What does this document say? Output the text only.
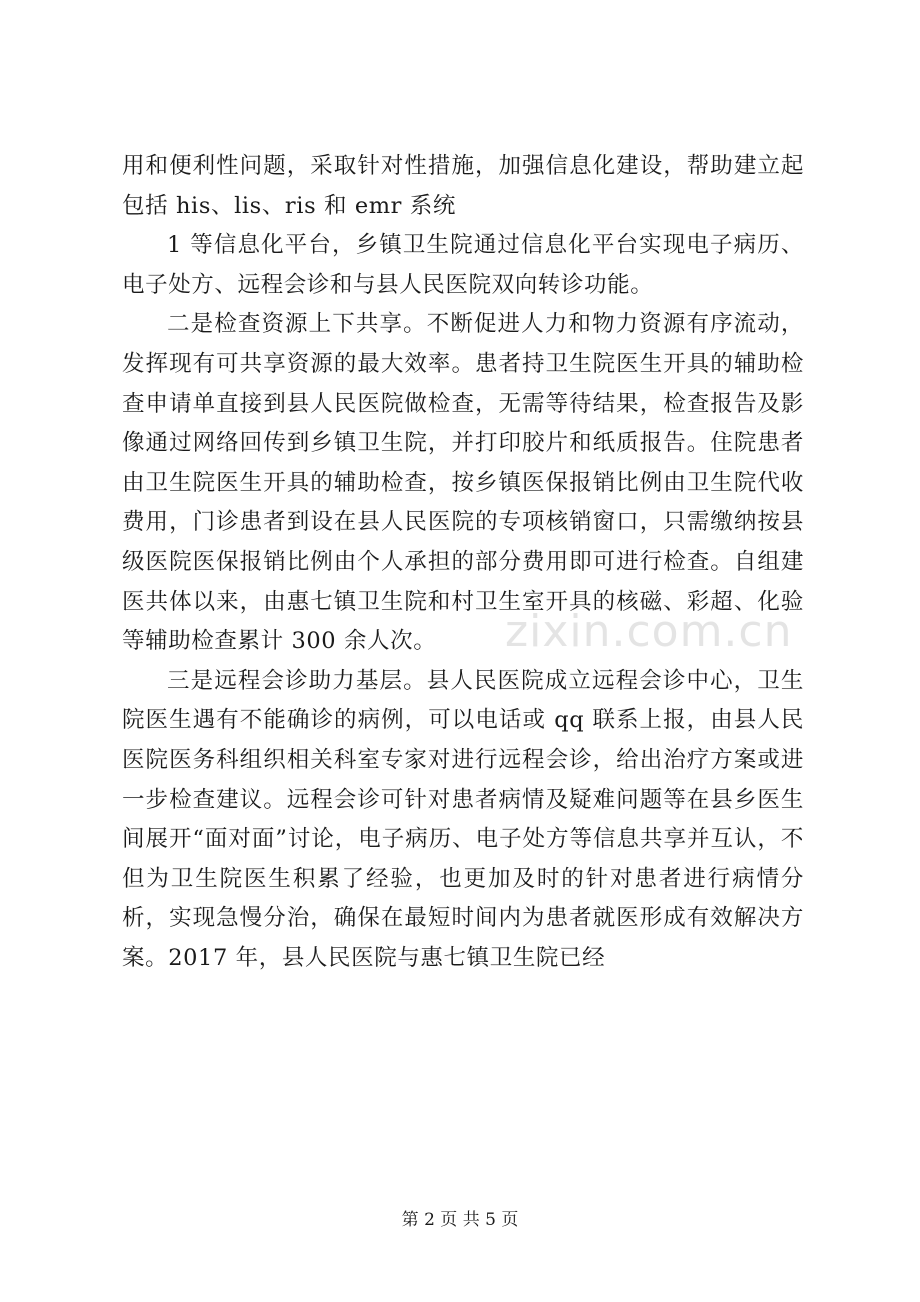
用和便利性问题，采取针对性措施，加强信息化建设，帮助建立起包括 his、lis、ris 和 emr 系统

1 等信息化平台，乡镇卫生院通过信息化平台实现电子病历、电子处方、远程会诊和与县人民医院双向转诊功能。

二是检查资源上下共享。不断促进人力和物力资源有序流动，发挥现有可共享资源的最大效率。患者持卫生院医生开具的辅助检查申请单直接到县人民医院做检查，无需等待结果，检查报告及影像通过网络回传到乡镇卫生院，并打印胶片和纸质报告。住院患者由卫生院医生开具的辅助检查，按乡镇医保报销比例由卫生院代收费用，门诊患者到设在县人民医院的专项核销窗口，只需缴纳按县级医院医保报销比例由个人承担的部分费用即可进行检查。自组建医共体以来，由惠七镇卫生院和村卫生室开具的核磁、彩超、化验等辅助检查累计 300 余人次。

三是远程会诊助力基层。县人民医院成立远程会诊中心，卫生院医生遇有不能确诊的病例，可以电话或 qq 联系上报，由县人民医院医务科组织相关科室专家对进行远程会诊，给出治疗方案或进一步检查建议。远程会诊可针对患者病情及疑难问题等在县乡医生间展开“面对面”讨论，电子病历、电子处方等信息共享并互认，不但为卫生院医生积累了经验，也更加及时的针对患者进行病情分析，实现急慢分治，确保在最短时间内为患者就医形成有效解决方案。2017 年，县人民医院与惠七镇卫生院已经

zixin.com.cn
第 2 页 共 5 页
